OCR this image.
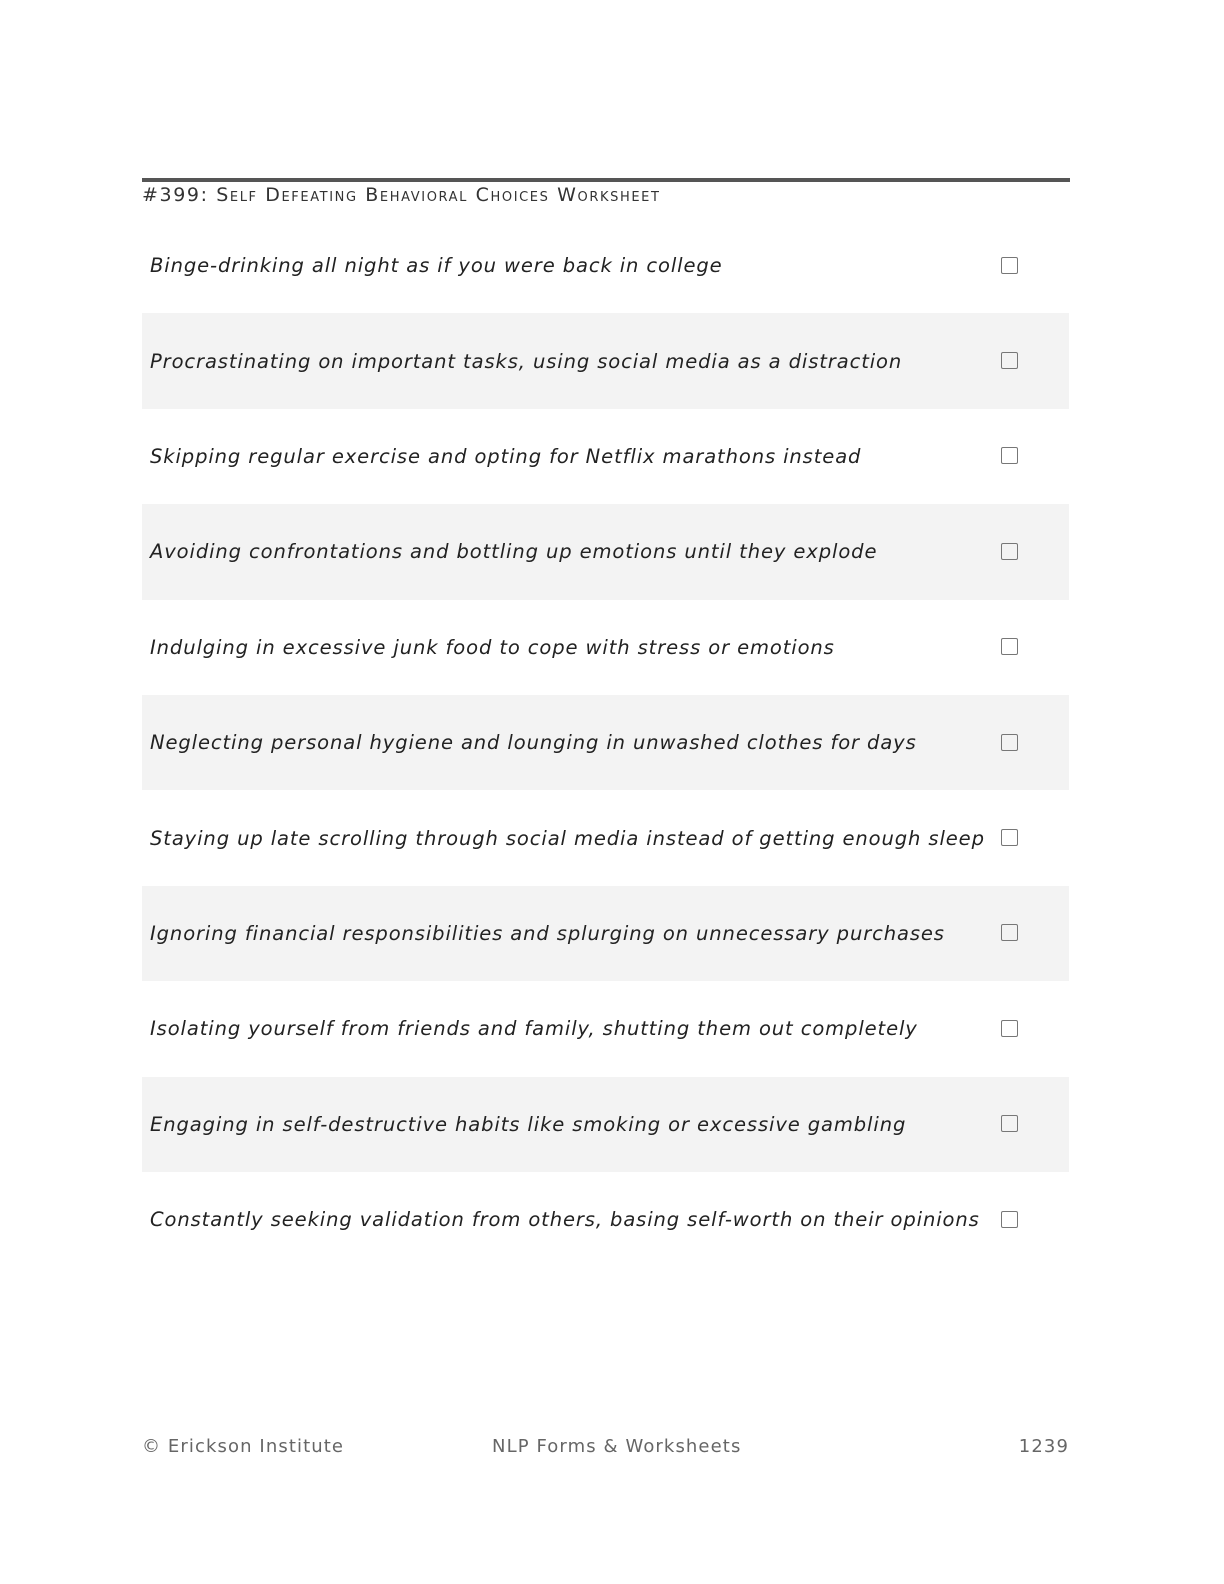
#399: Self Defeating Behavioral Choices Worksheet
Binge-drinking all night as if you were back in college
Procrastinating on important tasks, using social media as a distraction
Skipping regular exercise and opting for Netflix marathons instead
Avoiding confrontations and bottling up emotions until they explode
Indulging in excessive junk food to cope with stress or emotions
Neglecting personal hygiene and lounging in unwashed clothes for days
Staying up late scrolling through social media instead of getting enough sleep
Ignoring financial responsibilities and splurging on unnecessary purchases
Isolating yourself from friends and family, shutting them out completely
Engaging in self-destructive habits like smoking or excessive gambling
Constantly seeking validation from others, basing self-worth on their opinions
© Erickson Institute	NLP Forms & Worksheets	1239
